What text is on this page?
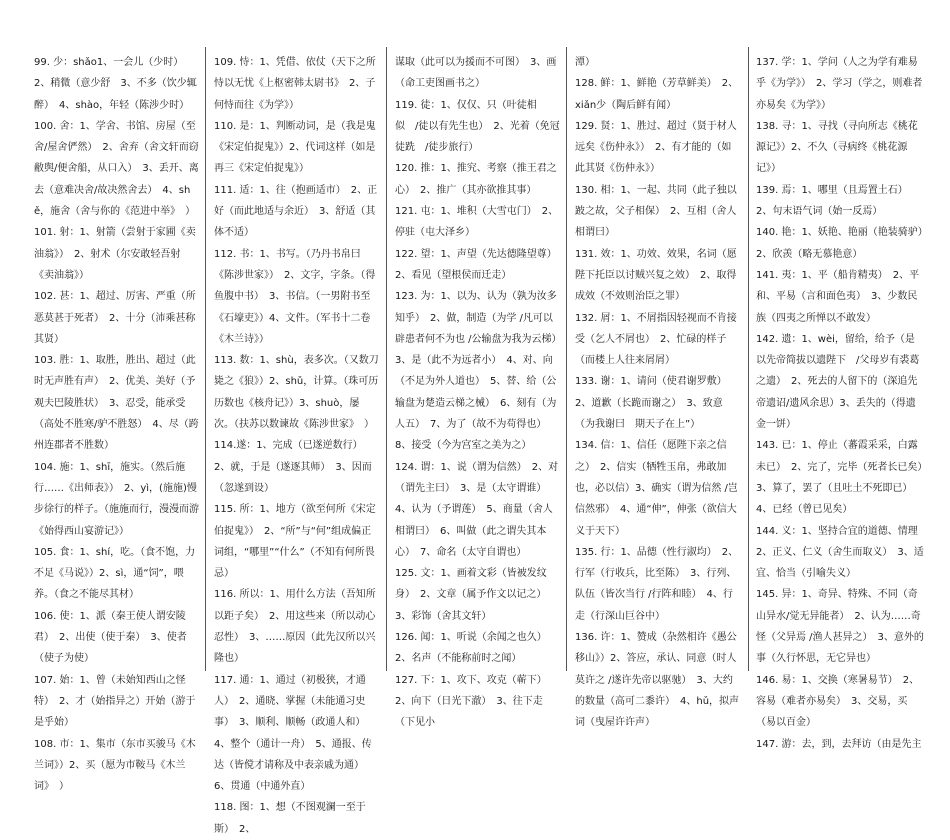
99. 少：shǎo1、一会儿（少时）　2、稍微（意少舒　3、不多（饮少辄醉）　4、shào，年轻（陈涉少时）

100. 舍：1、学舍、书馆、房屋（至舍/屋舍俨然）　2、舍弃（舍文轩而窃敝舆/便舍船，从口入）　3、丢开、离去（意难决舍/故决然舍去）　4、shě，施舍（舍与你的《范进中举》　）

101. 射：1、射箭（尝射于家圃《卖油翁》）　2、射术（尔安敢轻吾射《卖油翁》）

102. 甚：1、超过、厉害、严重（所恶莫甚于死者）　2、十分（沛乘甚称其贤）

103. 胜：1、取胜，胜出、超过（此时无声胜有声）　2、优美、美好（予观夫巴陵胜状）　3、忍受，能承受（高处不胜寒/驴不胜怒）　4、尽（跨州连郡者不胜数）

104. 施：1、shī，施实。（然后施行……《出师表》）　2、yì，(施施)慢步徐行的样子。（施施而行，漫漫而游《始得西山宴游记》）

105. 食：1、shí，吃。（食不饱，力不足《马说》）2、sì，通“饲”，喂养。（食之不能尽其材）

106. 使：1、派（秦王使人谓安陵君）　2、出使（使于秦）　3、使者（使子为使）

107. 始：1、曾（未始知西山之怪特）　2、才（始指异之）开始（游于是乎始）

108. 市：1、集市（东市买骏马《木兰词》）2、买（愿为市鞍马《木兰词》　）

109. 恃：1、凭借、依仗（天下之所恃以无忧《上枢密韩太尉书》　2、子何恃而往《为学》）

110. 是：1、判断动词，是（我是鬼《宋定伯捉鬼》）2、代词这样（如是再三《宋定伯捉鬼》）

111. 适：1、往（抱画适市）　2、正好（而此地适与余近）　3、舒适（其体不适）

112. 书：1、书写。（乃丹书帛曰《陈涉世家》）　2、文字，字条。（得鱼腹中书）　3、书信。（一男附书至《石壕吏》）4、文件。（军书十二卷《木兰诗》）

113. 数：1、shù，表多次。（又数刀毙之《狼》）2、shǔ，计算。（珠可历历数也《核舟记》）3、shuò，屡次。（扶苏以数谏故《陈涉世家》　）

114.遂：1、完成（已遂逆数行）　2、就，于是（遂逐其师）　3、因而（忽遂到设）

115. 所：1、地方（欲至何所《宋定伯捉鬼》）　2、“所”与“何”组成偏正词组，“哪里”“什么”（不知有何所畏忌）

116. 所以：1、用什么方法（吾知所以距子矣）　2、用这些来（所以动心忍性）　3、……原因（此先汉所以兴隆也）

117. 通：1、通过（初极狭，才通人）　2、通晓、掌握（未能通习史事）　3、顺利、顺畅（政通人和）　4、整个（通计一舟）　5、通报、传达（皆傥才请称及中表亲戚为通）　6、贯通（中通外直）

118. 图：1、想（不图观澜一至于斯）　2、

谋取（此可以为援而不可图）　3、画（命工吏图画书之）

119. 徒：1、仅仅、只（叶徒相似　/徒以有先生也）　2、光着（免冠徒跣　/徒步旅行）

120. 推：1、推究、考察（推王君之心）　2、推广（其亦欲推其事）

121. 屯：1、堆积（大雪屯门）　2、停驻（屯大泽乡）

122. 望：1、声望（先达德隆望尊）　2、看见（望根侯而迁走）

123. 为：1、以为、认为（孰为汝多知乎）　2、做，制造（为学 /凡可以辟患者何不为也 /公输盘为我为云梯）　3、是（此不为远者小）　4、对、向（不足为外人道也）　5、替、给（公输盘为楚造云梯之械）　6、刻有（为人五）　7、为了（故不为苟得也）　8、接受（今为宫室之美为之）

124. 谓：1、说（谓为信然）　2、对（谓先主曰）　3、是（太守谓谁）　4、认为（予谓莲）　5、商量（舍人相谓曰）　6、叫做（此之谓失其本心）　7、命名（太守自谓也）

125. 文：1、画着文彩（皆被发纹身）　2、文章（属予作文以记之）　3、彩饰（舍其文轩）

126. 闻：1、听说（余闻之也久）　2、名声（不能称前时之闻）

127. 下：1、攻下、攻克（蕲下）　2、向下（日光下澈）　3、往下走（下见小

潭）

128. 鲜：1、鲜艳（芳草鲜美）　2、xiǎn少（陶后鲜有闻）

129. 贤：1、胜过、超过（贤于材人远矣《伤仲永》）　2、有才能的（如此其贤《伤仲永》）

130. 相：1、一起、共同（此子独以跛之故，父子相保）　2、互相（舍人相谓曰）

131. 效：1、功效、效果，名词（愿陛下托臣以讨贼兴复之效）　2、取得成效（不效则治臣之罪）

132. 屑：1、不屑指因轻视而不肯接受（乞人不屑也）　2、忙碌的样子（而楼上人往来屑屑）

133. 谢：1、请问（使君谢罗敷）　2、道歉（长跪而谢之）　3、致意（为我谢曰　期天子在上”）

134. 信：1、信任（愿陛下亲之信之）　2、信实（牺牲玉帛，弗敢加也，必以信）3、确实（谓为信然 /岂信然邪）　4、通“伸”，伸张（欲信大义于天下）

135. 行：1、品德（性行淑均）　2、行军（行收兵，比至陈）　3、行列、队伍（皆次当行 /行阵和睦）　4、行走（行深山巨谷中）

136. 许：1、赞成（杂然相许《愚公移山》）2、答应，承认、同意（时人莫许之 /遂许先帝以驱驰）　3、大约的数量（高可二黍许）　4、hǔ，拟声词（曳屋许许声）

137. 学：1、学问（人之为学有难易乎《为学》）　2、学习（学之，则难者亦易矣《为学》）

138. 寻：1、寻找（寻向所志《桃花源记》）2、不久（寻病终《桃花源记》）

139. 焉：1、哪里（且焉置土石）　2、句末语气词（始一反焉）

140. 艳：1、妖艳、艳丽（艳装骑驴）　2、欣羡（略无慕艳意）

141. 夷：1、平（船肯精夷）　2、平和、平易（言和面色夷）　3、少数民族（四夷之所惮以不敢发）

142. 遗：1、wèi，留给，给予（是以先帝简拔以遗陛下　/父母岁有裘葛之遗）　2、死去的人留下的（深追先帝遗诏/遗风余思）3、丢失的（得遗金一饼）

143. 已：1、停止（蕃霞采采，白露未已）　2、完了，完毕（死者长已矣）　3、算了，罢了（且吐土不死即已）　4、已经（曾已见矣）

144. 义：1、坚持合宜的道德、情理　2、正义、仁义（舍生而取义）　3、适宜、恰当（引喻失义）

145. 异：1、奇异、特殊、不同（奇山异水/觉无异能者）　2、认为……奇怪（父异焉 /渔人甚异之）　3、意外的事（久行怀思，无它异也）

146. 易：1、交换（寒暑易节）　2、容易（难者亦易矣）　3、交易，买（易以百金）

147. 游：去，到，去拜访（由是先主
